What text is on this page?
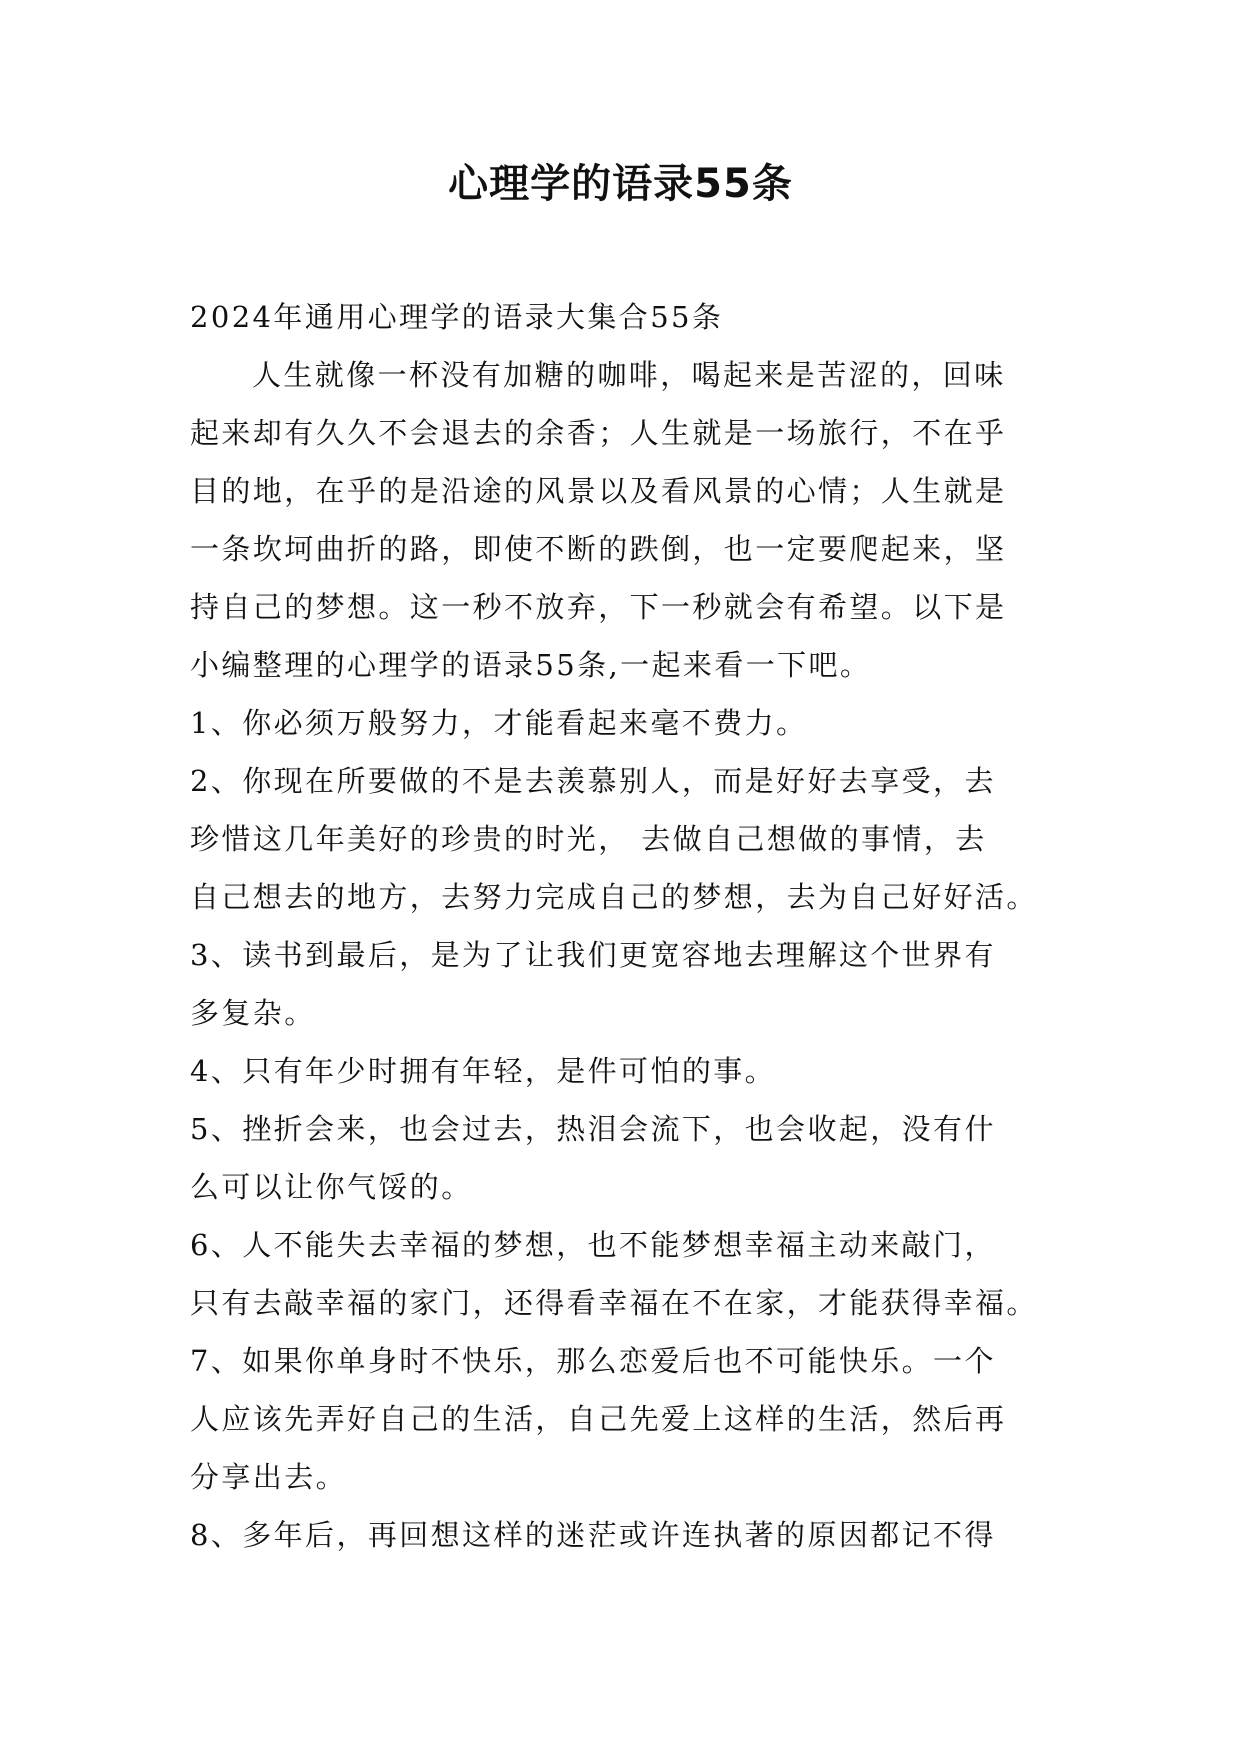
心理学的语录55条
2024年通用心理学的语录大集合55条
人生就像一杯没有加糖的咖啡，喝起来是苦涩的，回味
起来却有久久不会退去的余香；人生就是一场旅行，不在乎
目的地，在乎的是沿途的风景以及看风景的心情；人生就是
一条坎坷曲折的路，即使不断的跌倒，也一定要爬起来，坚
持自己的梦想。这一秒不放弃，下一秒就会有希望。以下是
小编整理的心理学的语录55条,一起来看一下吧。
1、你必须万般努力，才能看起来毫不费力。
2、你现在所要做的不是去羡慕别人，而是好好去享受，去
珍惜这几年美好的珍贵的时光， 去做自己想做的事情，去
自己想去的地方，去努力完成自己的梦想，去为自己好好活。
3、读书到最后，是为了让我们更宽容地去理解这个世界有
多复杂。
4、只有年少时拥有年轻，是件可怕的事。
5、挫折会来，也会过去，热泪会流下，也会收起，没有什
么可以让你气馁的。
6、人不能失去幸福的梦想，也不能梦想幸福主动来敲门，
只有去敲幸福的家门，还得看幸福在不在家，才能获得幸福。
7、如果你单身时不快乐，那么恋爱后也不可能快乐。一个
人应该先弄好自己的生活，自己先爱上这样的生活，然后再
分享出去。
8、多年后，再回想这样的迷茫或许连执著的原因都记不得
